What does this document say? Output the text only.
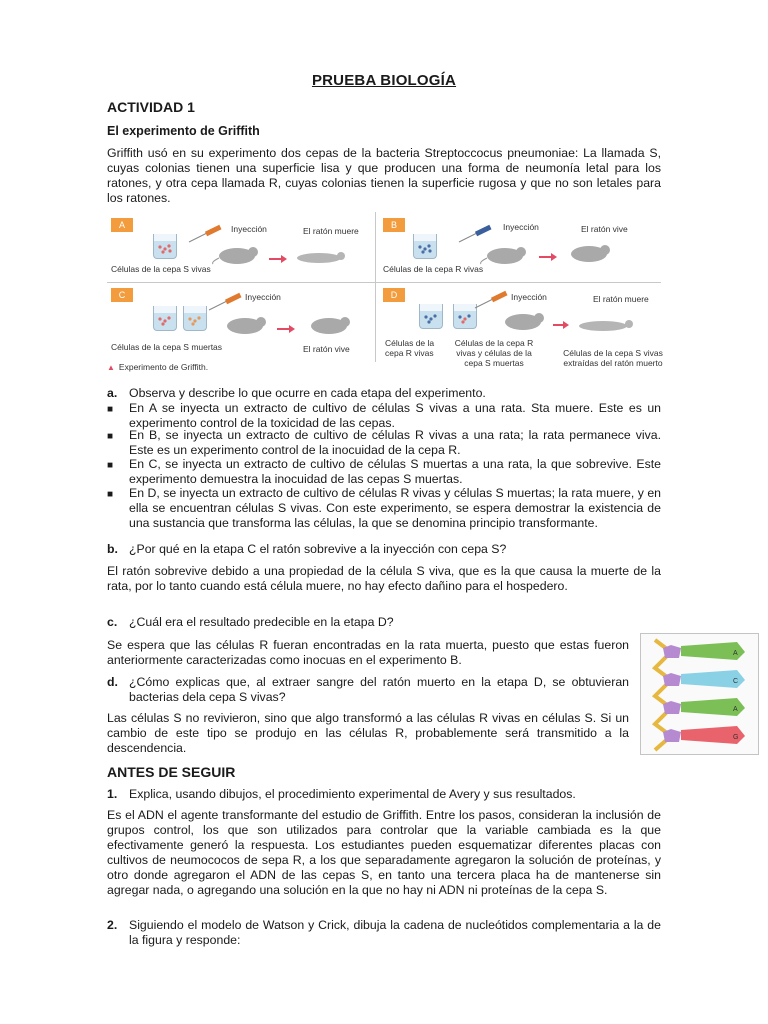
PRUEBA BIOLOGÍA
ACTIVIDAD 1
El experimento de Griffith
Griffith usó en su experimento dos cepas de la bacteria Streptoccocus pneumoniae: La llamada S, cuyas colonias tienen una superficie lisa y que producen una forma de neumonía letal para los ratones, y otra cepa llamada R, cuyas colonias tienen la superficie rugosa y que no son letales para los ratones.
A	Inyección	El ratón muere
Células de la cepa S vivas
B	Inyección	El ratón vive
Células de la cepa R vivas
C	Inyección
Células de la cepa S muertas	El ratón vive
D	Inyección	El ratón muere
Células de la cepa R vivas
Células de la cepa R vivas y células de la cepa S muertas
Células de la cepa S vivas extraídas del ratón muerto
▲ Experimento de Griffith.
a. Observa y describe lo que ocurre en cada etapa del experimento.
■ En A se inyecta un extracto de cultivo de células S vivas a una rata. Sta muere. Este es un experimento control de la toxicidad de las cepas.
■ En B, se inyecta un extracto de cultivo de células R vivas a una rata; la rata permanece viva. Este es un experimento control de la inocuidad de la cepa R.
■ En C, se inyecta un extracto de cultivo de células S muertas a una rata, la que sobrevive. Este experimento demuestra la inocuidad de las cepas S muertas.
■ En D, se inyecta un extracto de cultivo de células R vivas y células S muertas; la rata muere, y en ella se encuentran células S vivas. Con este experimento, se espera demostrar la existencia de una sustancia que transforma las células, la que se denomina principio transformante.
b. ¿Por qué en la etapa C el ratón sobrevive a la inyección con cepa S?
El ratón sobrevive debido a una propiedad de la célula S viva, que es la que causa la muerte de la rata, por lo tanto cuando está célula muere, no hay efecto dañino para el hospedero.
c. ¿Cuál era el resultado predecible en la etapa D?
Se espera que las células R fueran encontradas en la rata muerta, puesto que estas fueron anteriormente caracterizadas como inocuas en el experimento B.
d. ¿Cómo explicas que, al extraer sangre del ratón muerto en la etapa D, se obtuvieran bacterias dela cepa S vivas?
Las células S no revivieron, sino que algo transformó a las células R vivas en células S. Si un cambio de este tipo se produjo en las células R, probablemente será transmitido a la descendencia.
ANTES DE SEGUIR
1. Explica, usando dibujos, el procedimiento experimental de Avery y sus resultados.
Es el ADN el agente transformante del estudio de Griffith. Entre los pasos, consideran la inclusión de grupos control, los que son utilizados para controlar que la variable cambiada es la que efectivamente generó la respuesta. Los estudiantes pueden esquematizar diferentes placas con cultivos de neumococos de sepa R, a los que separadamente agregaron la solución de proteínas, y otro donde agregaron el ADN de las cepas S, en tanto una tercera placa ha de mantenerse sin agregar nada, o agregando una solución en la que no hay ni ADN ni proteínas de la cepa S.
2. Siguiendo el modelo de Watson y Crick, dibuja la cadena de nucleótidos complementaria a la de la figura y responde:
A
C
A
G
